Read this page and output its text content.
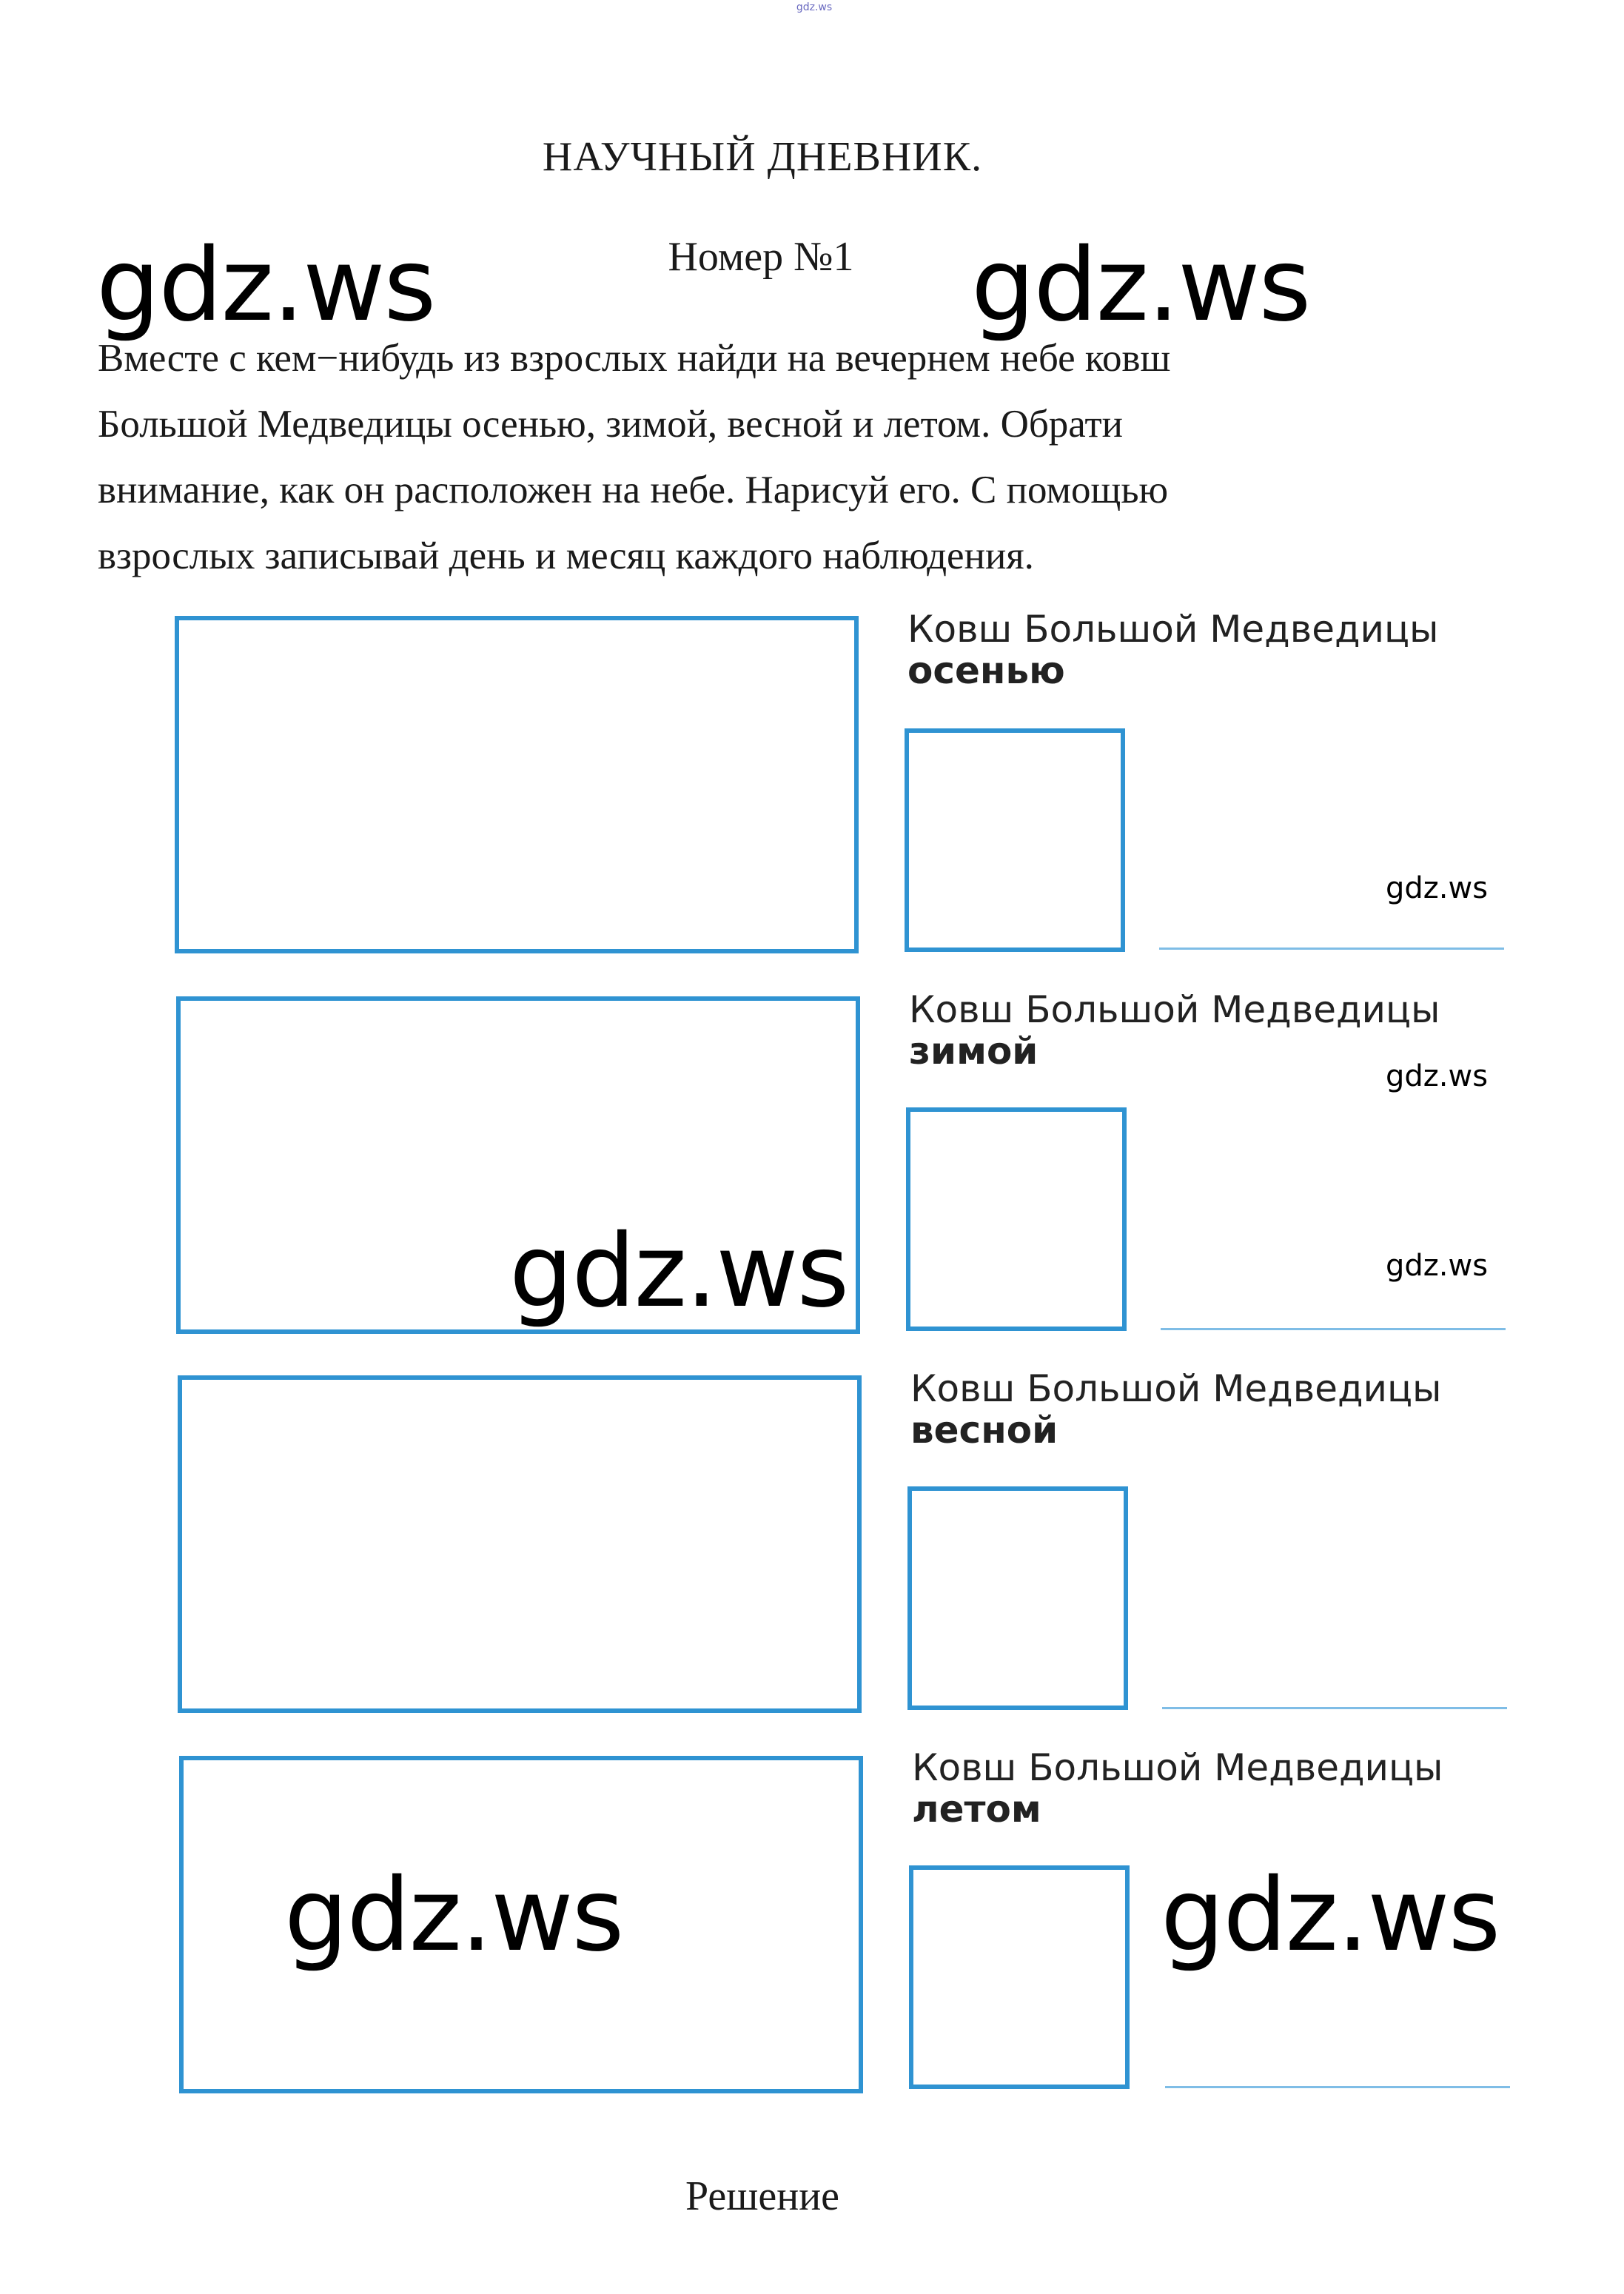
gdz.ws
НАУЧНЫЙ ДНЕВНИК.
Номер №1
gdz.ws	gdz.ws
Вместе с кем−нибудь из взрослых найди на вечернем небе ковш
Большой Медведицы осенью, зимой, весной и летом. Обрати
внимание, как он расположен на небе. Нарисуй его. С помощью
взрослых записывай день и месяц каждого наблюдения.
Ковш Большой Медведицы
осенью
gdz.ws
Ковш Большой Медведицы
зимой
gdz.ws
gdz.ws
gdz.ws
Ковш Большой Медведицы
весной
Ковш Большой Медведицы
летом
gdz.ws	gdz.ws
Решение
